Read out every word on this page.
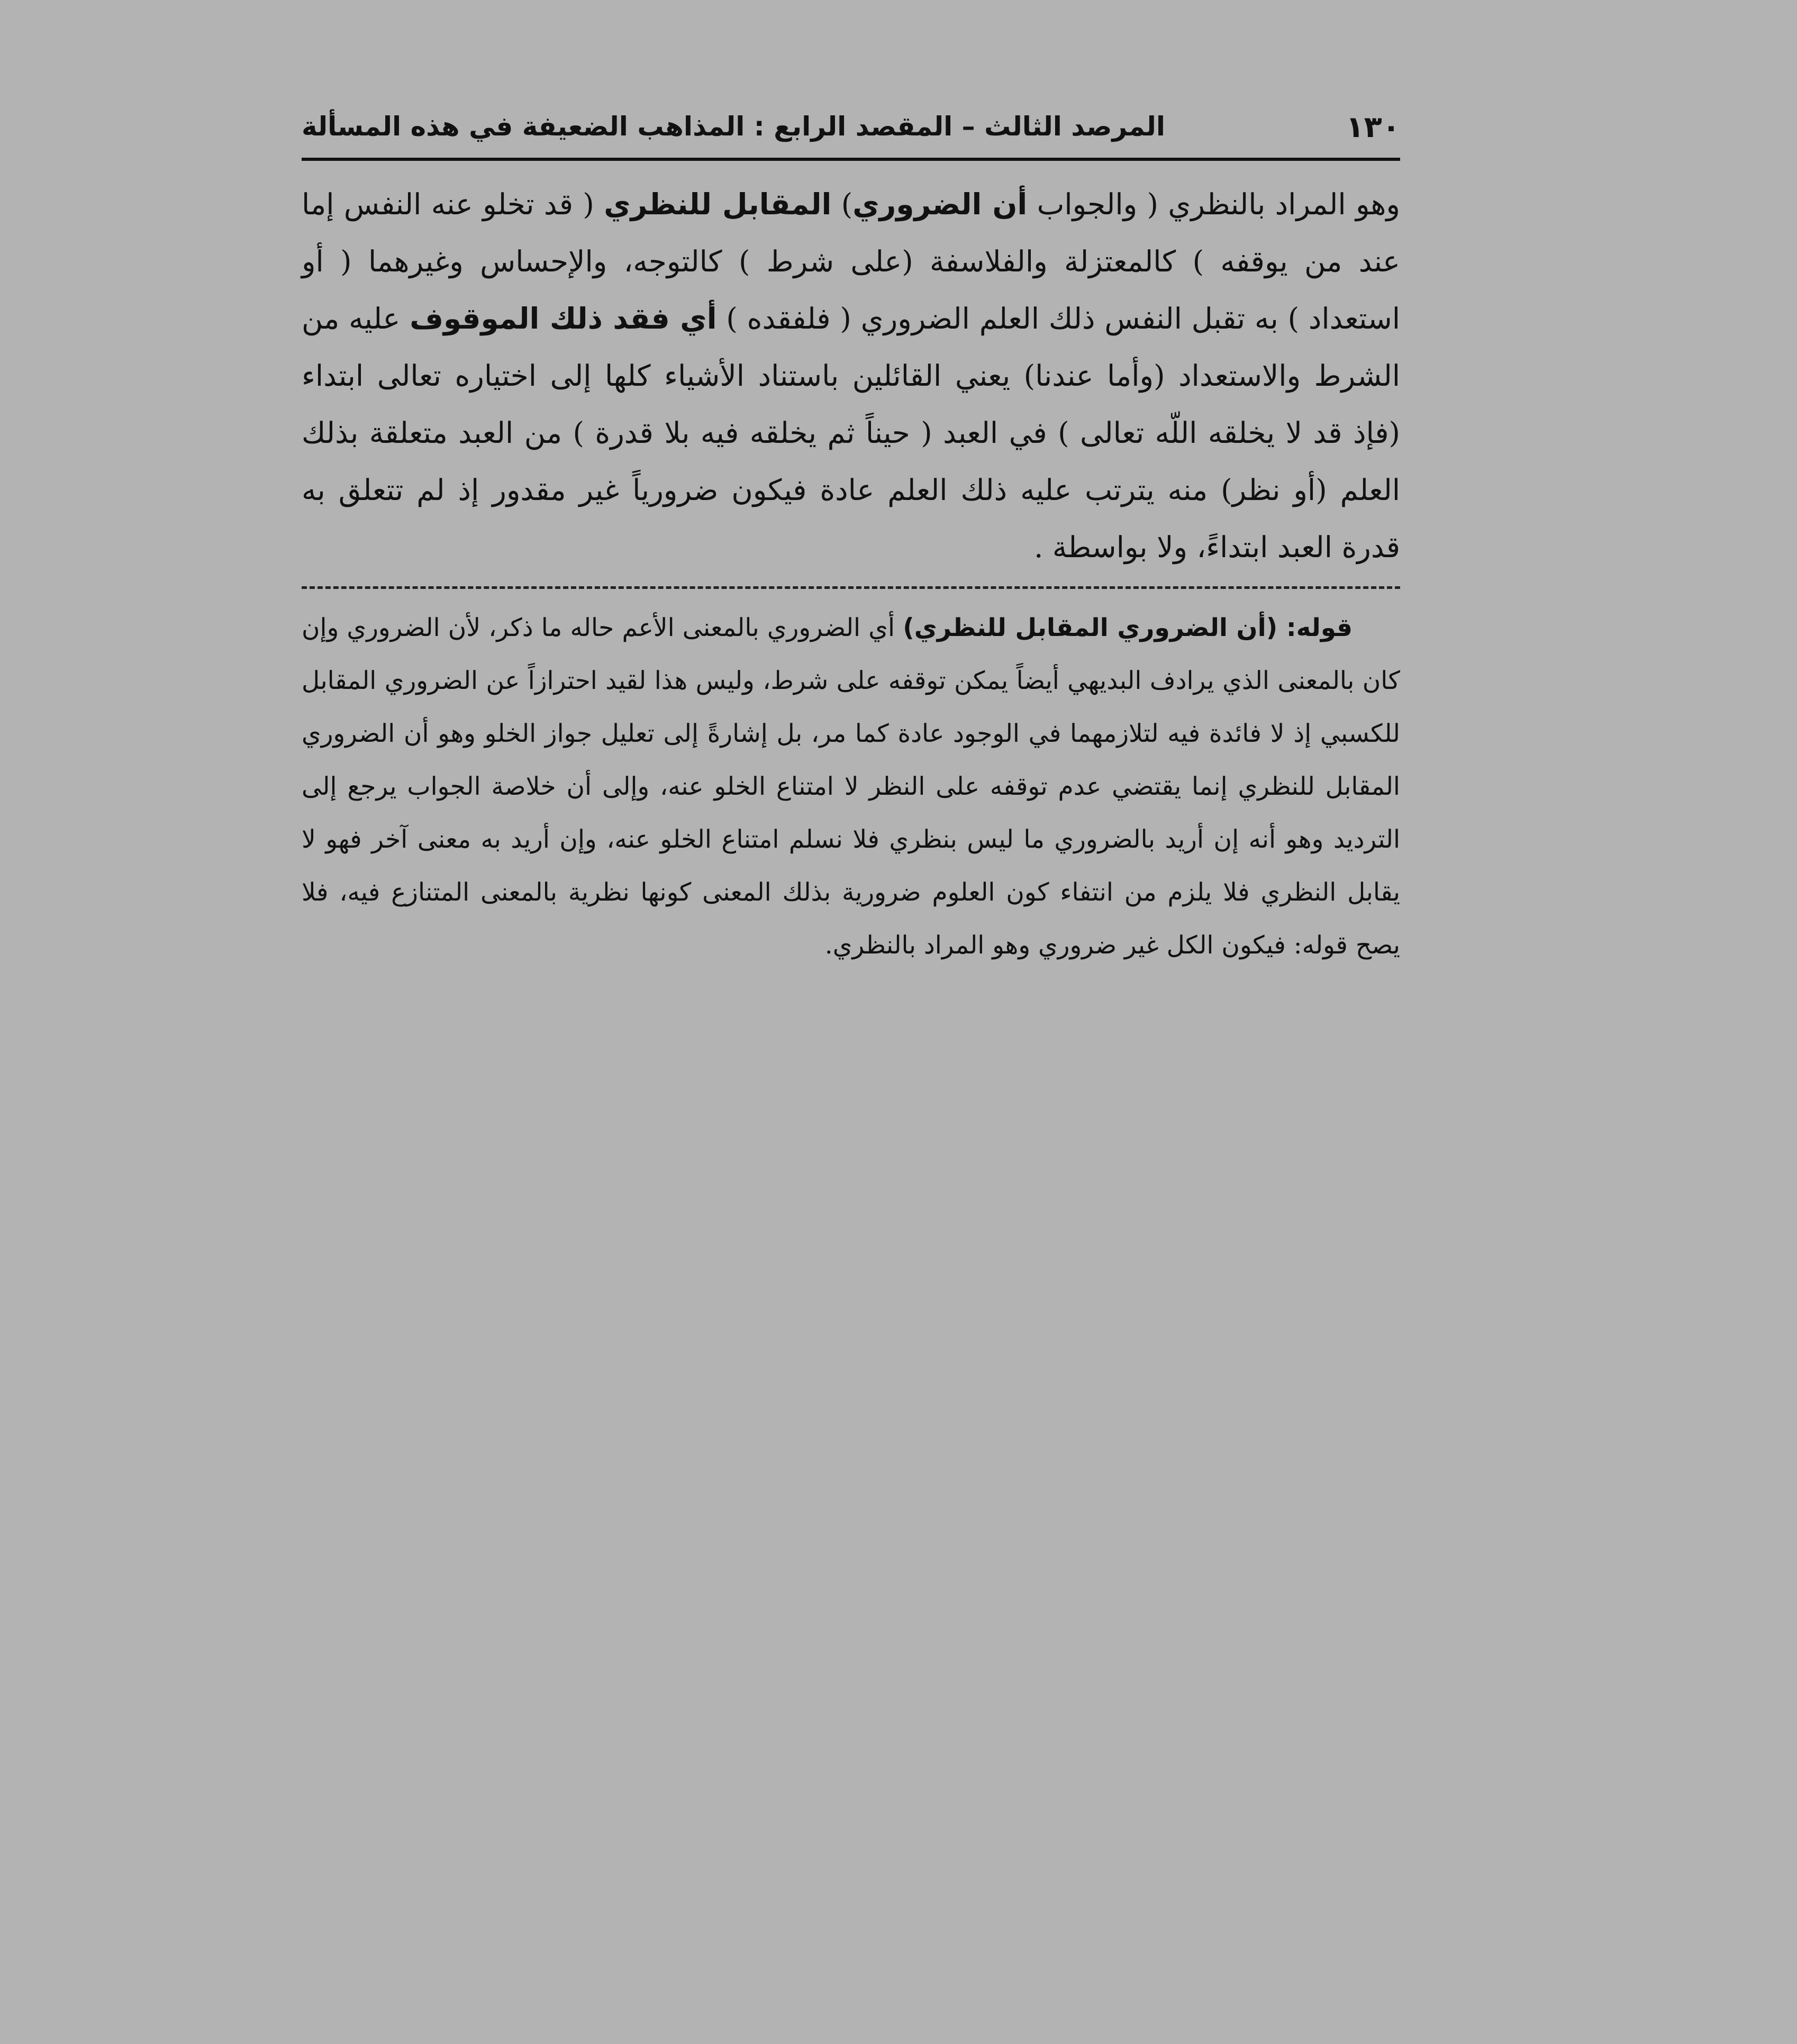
١٣٠
المرصد الثالث – المقصد الرابع : المذاهب الضعيفة في هذه المسألة

وهو المراد بالنظري ( والجواب أن الضروري) المقابل للنظري ( قد تخلو عنه النفس إما عند من يوقفه ) كالمعتزلة والفلاسفة (على شرط ) كالتوجه، والإحساس وغيرهما ( أو استعداد ) به تقبل النفس ذلك العلم الضروري ( فلفقده ) أي فقد ذلك الموقوف عليه من الشرط والاستعداد (وأما عندنا) يعني القائلين باستناد الأشياء كلها إلى اختياره تعالى ابتداء (فإذ قد لا يخلقه اللّه تعالى ) في العبد ( حيناً ثم يخلقه فيه بلا قدرة ) من العبد متعلقة بذلك العلم (أو نظر) منه يترتب عليه ذلك العلم عادة فيكون ضرورياً غير مقدور إذ لم تتعلق به قدرة العبد ابتداءً، ولا بواسطة .

قوله: (أن الضروري المقابل للنظري) أي الضروري بالمعنى الأعم حاله ما ذكر، لأن الضروري وإن كان بالمعنى الذي يرادف البديهي أيضاً يمكن توقفه على شرط، وليس هذا لقيد احترازاً عن الضروري المقابل للكسبي إذ لا فائدة فيه لتلازمهما في الوجود عادة كما مر، بل إشارةً إلى تعليل جواز الخلو وهو أن الضروري المقابل للنظري إنما يقتضي عدم توقفه على النظر لا امتناع الخلو عنه، وإلى أن خلاصة الجواب يرجع إلى الترديد وهو أنه إن أريد بالضروري ما ليس بنظري فلا نسلم امتناع الخلو عنه، وإن أريد به معنى آخر فهو لا يقابل النظري فلا يلزم من انتفاء كون العلوم ضرورية بذلك المعنى كونها نظرية بالمعنى المتنازع فيه، فلا يصح قوله: فيكون الكل غير ضروري وهو المراد بالنظري.
